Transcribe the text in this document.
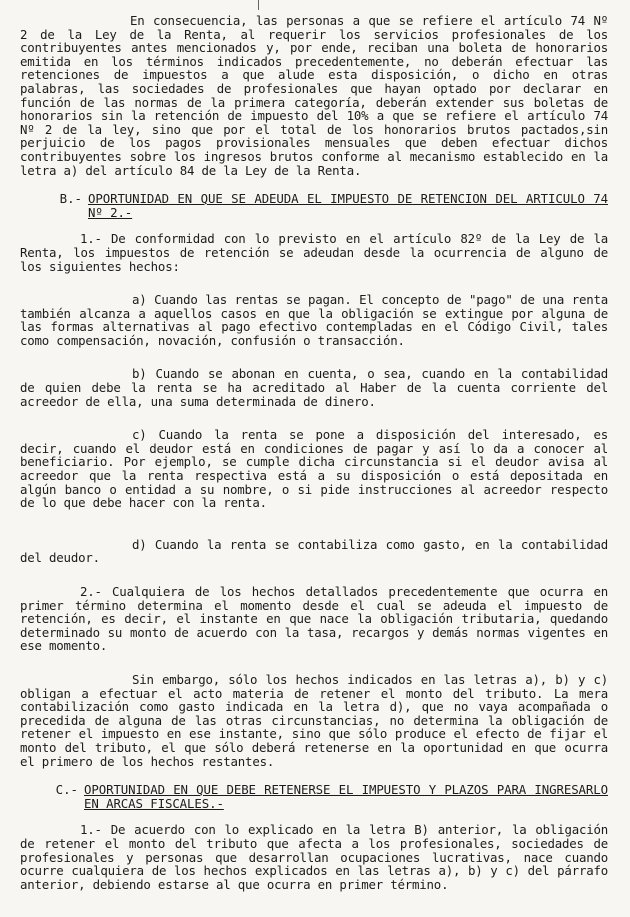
En consecuencia, las personas a que se refiere el artículo 74 Nº 2 de la Ley de la Renta, al requerir los servicios profesionales de los contribuyentes antes mencionados y, por ende, reciban una boleta de honorarios emitida en los términos indicados precedentemente, no deberán efectuar las retenciones de impuestos a que alude esta disposición, o dicho en otras palabras, las sociedades de profesionales que hayan optado por declarar en función de las normas de la primera categoría, deberán extender sus boletas de honorarios sin la retención de impuesto del 10% a que se refiere el artículo 74 Nº 2 de la ley, sino que por el total de los honorarios brutos pactados,sin perjuicio de los pagos provisionales mensuales que deben efectuar dichos contribuyentes sobre los ingresos brutos conforme al mecanismo establecido en la letra a) del artículo 84 de la Ley de la Renta.

B.- OPORTUNIDAD EN QUE SE ADEUDA EL IMPUESTO DE RETENCION DEL ARTICULO 74 Nº 2.-

1.- De conformidad con lo previsto en el artículo 82º de la Ley de la Renta, los impuestos de retención se adeudan desde la ocurrencia de alguno de los siguientes hechos:

a) Cuando las rentas se pagan. El concepto de "pago" de una renta también alcanza a aquellos casos en que la obligación se extingue por alguna de las formas alternativas al pago efectivo contempladas en el Código Civil, tales como compensación, novación, confusión o transacción.

b) Cuando se abonan en cuenta, o sea, cuando en la contabilidad de quien debe la renta se ha acreditado al Haber de la cuenta corriente del acreedor de ella, una suma determinada de dinero.

c) Cuando la renta se pone a disposición del interesado, es decir, cuando el deudor está en condiciones de pagar y así lo da a conocer al beneficiario. Por ejemplo, se cumple dicha circunstancia si el deudor avisa al acreedor que la renta respectiva está a su disposición o está depositada en algún banco o entidad a su nombre, o si pide instrucciones al acreedor respecto de lo que debe hacer con la renta.

d) Cuando la renta se contabiliza como gasto, en la contabilidad del deudor.

2.- Cualquiera de los hechos detallados precedentemente que ocurra en primer término determina el momento desde el cual se adeuda el impuesto de retención, es decir, el instante en que nace la obligación tributaria, quedando determinado su monto de acuerdo con la tasa, recargos y demás normas vigentes en ese momento.

Sin embargo, sólo los hechos indicados en las letras a), b) y c) obligan a efectuar el acto materia de retener el monto del tributo. La mera contabilización como gasto indicada en la letra d), que no vaya acompañada o precedida de alguna de las otras circunstancias, no determina la obligación de retener el impuesto en ese instante, sino que sólo produce el efecto de fijar el monto del tributo, el que sólo deberá retenerse en la oportunidad en que ocurra el primero de los hechos restantes.

C.- OPORTUNIDAD EN QUE DEBE RETENERSE EL IMPUESTO Y PLAZOS PARA INGRESARLO EN ARCAS FISCALES.-

1.- De acuerdo con lo explicado en la letra B) anterior, la obligación de retener el monto del tributo que afecta a los profesionales, sociedades de profesionales y personas que desarrollan ocupaciones lucrativas, nace cuando ocurre cualquiera de los hechos explicados en las letras a), b) y c) del párrafo anterior, debiendo estarse al que ocurra en primer término.
